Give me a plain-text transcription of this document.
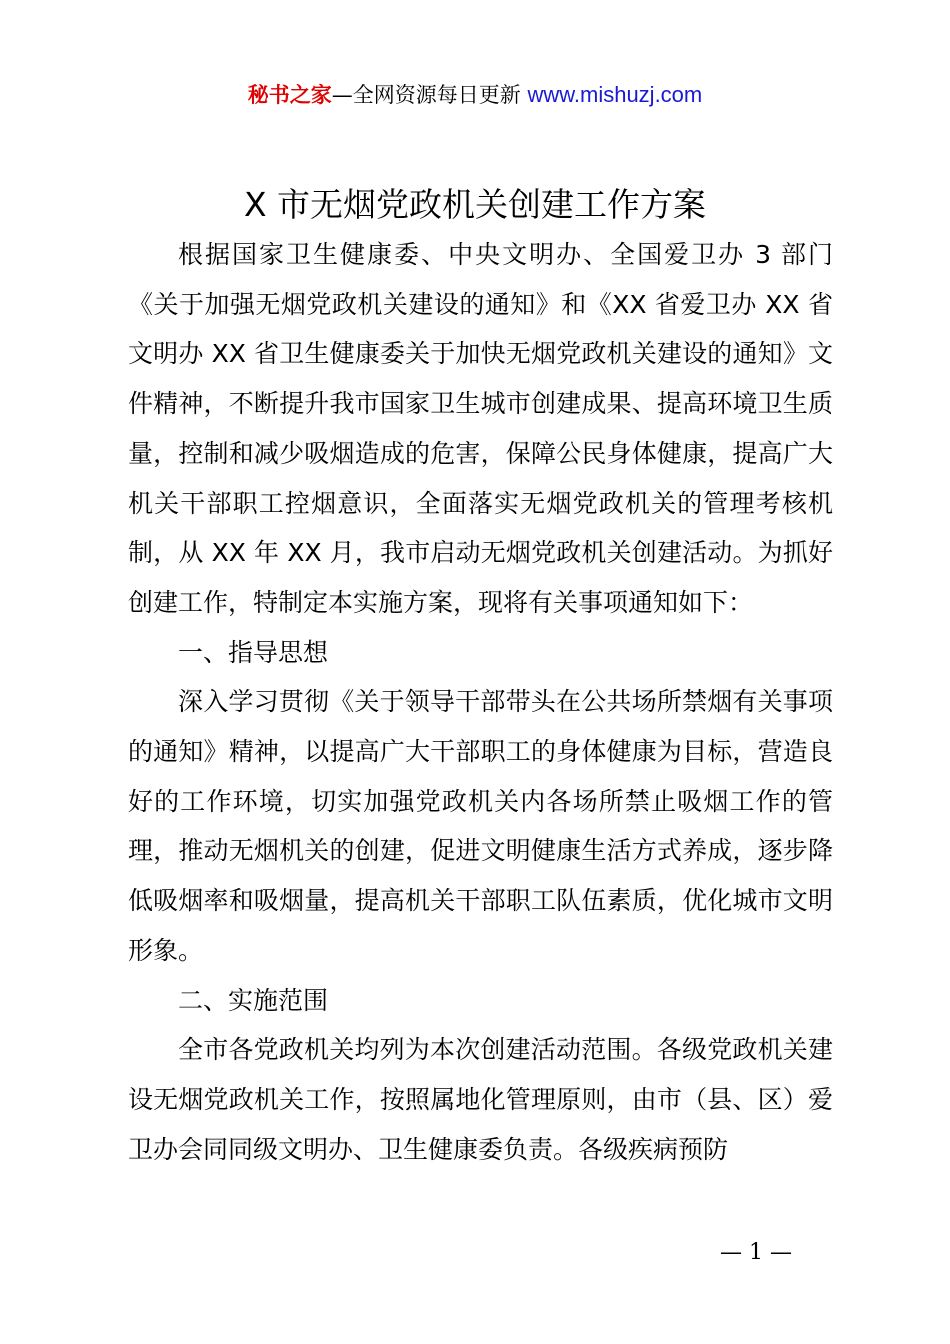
秘书之家—全网资源每日更新 www.mishuzj.com
X 市无烟党政机关创建工作方案

根据国家卫生健康委、中央文明办、全国爱卫办 3 部门《关于加强无烟党政机关建设的通知》和《XX 省爱卫办 XX 省文明办 XX 省卫生健康委关于加快无烟党政机关建设的通知》文件精神，不断提升我市国家卫生城市创建成果、提高环境卫生质量，控制和减少吸烟造成的危害，保障公民身体健康，提高广大机关干部职工控烟意识，全面落实无烟党政机关的管理考核机制，从 XX 年 XX 月，我市启动无烟党政机关创建活动。为抓好创建工作，特制定本实施方案，现将有关事项通知如下：

一、指导思想

深入学习贯彻《关于领导干部带头在公共场所禁烟有关事项的通知》精神，以提高广大干部职工的身体健康为目标，营造良好的工作环境，切实加强党政机关内各场所禁止吸烟工作的管理，推动无烟机关的创建，促进文明健康生活方式养成，逐步降低吸烟率和吸烟量，提高机关干部职工队伍素质，优化城市文明形象。

二、实施范围

全市各党政机关均列为本次创建活动范围。各级党政机关建设无烟党政机关工作，按照属地化管理原则，由市（县、区）爱卫办会同同级文明办、卫生健康委负责。各级疾病预防

— 1 —
